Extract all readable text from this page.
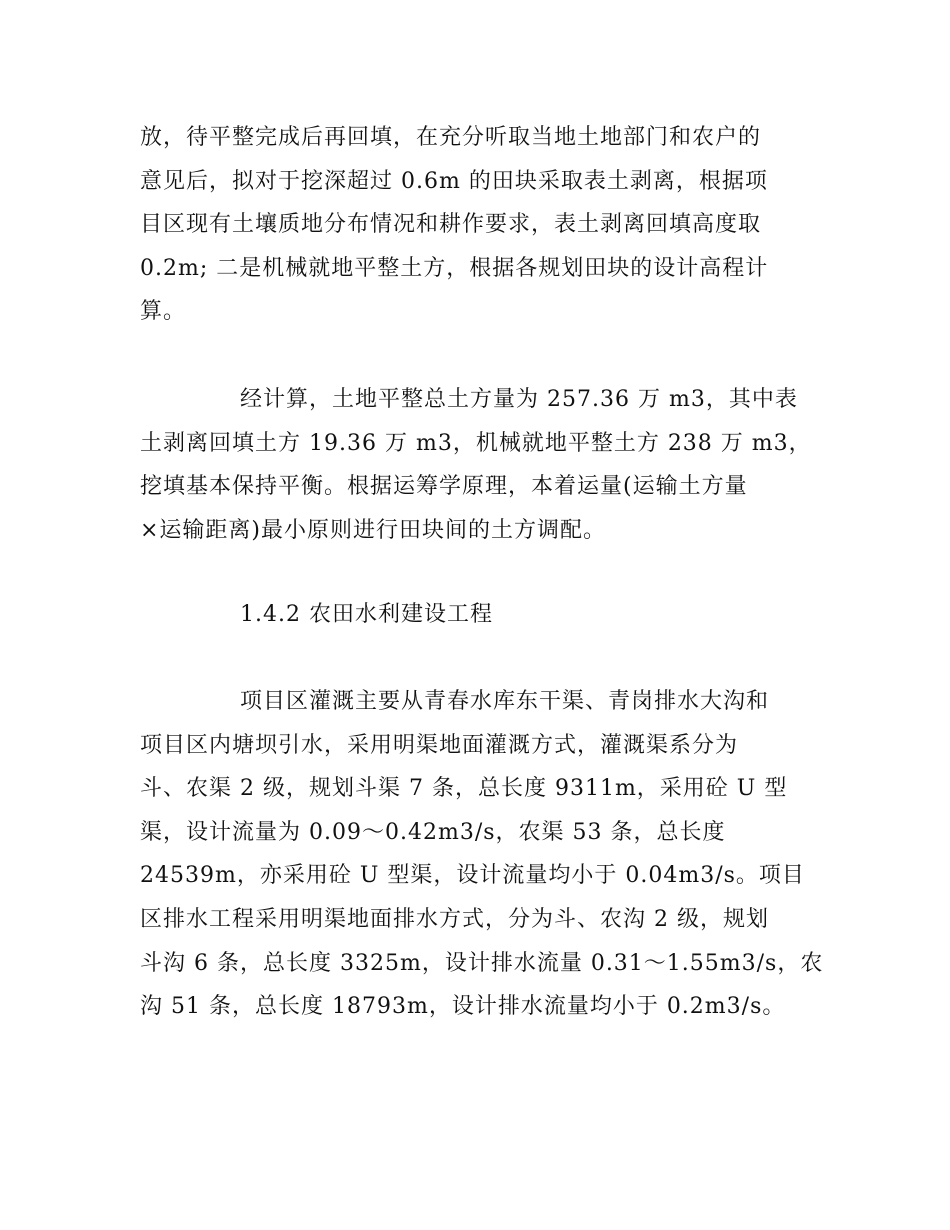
放，待平整完成后再回填，在充分听取当地土地部门和农户的
意见后，拟对于挖深超过 0.6m 的田块采取表土剥离，根据项
目区现有土壤质地分布情况和耕作要求，表土剥离回填高度取
0.2m; 二是机械就地平整土方，根据各规划田块的设计高程计
算。
经计算，土地平整总土方量为 257.36 万 m3，其中表
土剥离回填土方 19.36 万 m3，机械就地平整土方 238 万 m3，
挖填基本保持平衡。根据运筹学原理，本着运量(运输土方量
×运输距离)最小原则进行田块间的土方调配。
1.4.2 农田水利建设工程
项目区灌溉主要从青春水库东干渠、青岗排水大沟和
项目区内塘坝引水，采用明渠地面灌溉方式，灌溉渠系分为
斗、农渠 2 级，规划斗渠 7 条，总长度 9311m，采用砼 U 型
渠，设计流量为 0.09～0.42m3/s，农渠 53 条，总长度
24539m，亦采用砼 U 型渠，设计流量均小于 0.04m3/s。项目
区排水工程采用明渠地面排水方式，分为斗、农沟 2 级，规划
斗沟 6 条，总长度 3325m，设计排水流量 0.31～1.55m3/s，农
沟 51 条，总长度 18793m，设计排水流量均小于 0.2m3/s。
